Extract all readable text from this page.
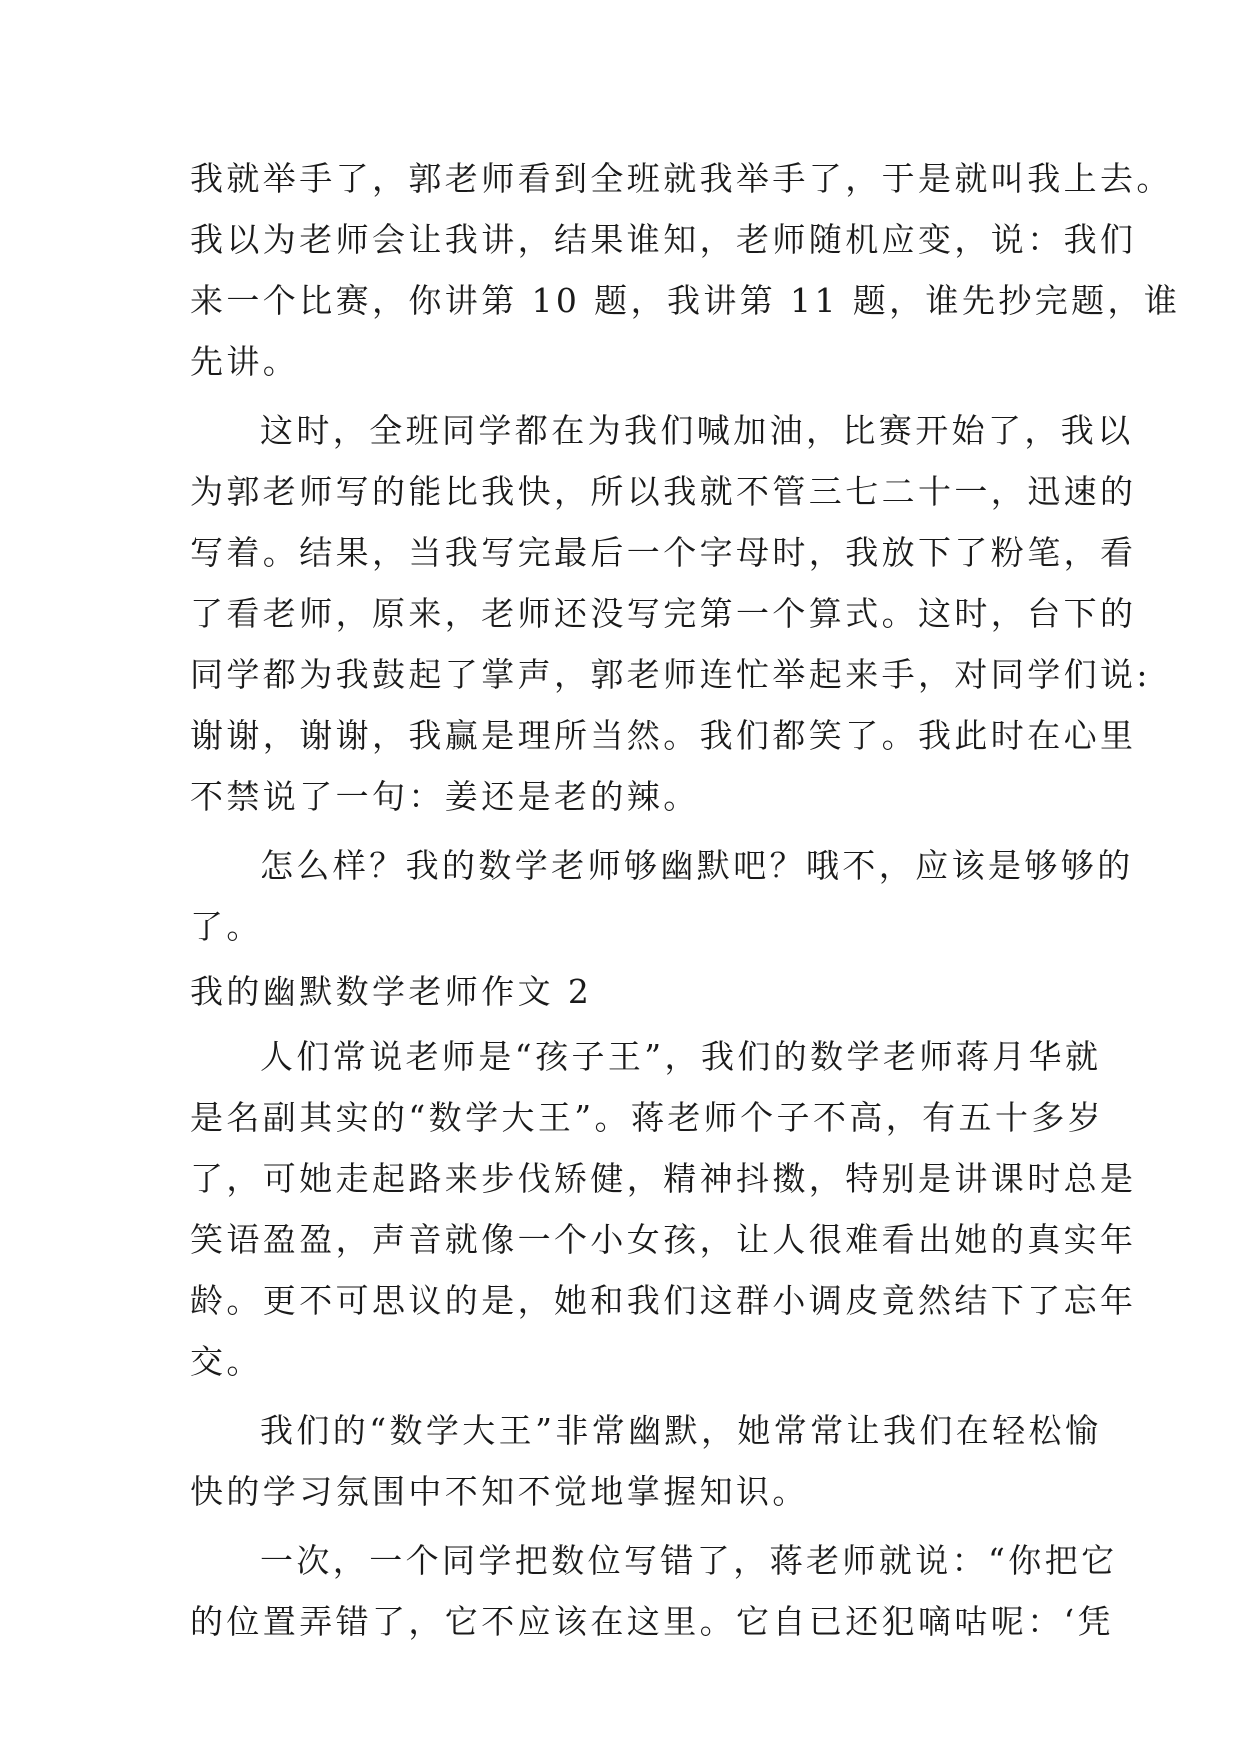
我就举手了，郭老师看到全班就我举手了，于是就叫我上去。
我以为老师会让我讲，结果谁知，老师随机应变，说：我们
来一个比赛，你讲第 10 题，我讲第 11 题，谁先抄完题，谁
先讲。
这时，全班同学都在为我们喊加油，比赛开始了，我以
为郭老师写的能比我快，所以我就不管三七二十一，迅速的
写着。结果，当我写完最后一个字母时，我放下了粉笔，看
了看老师，原来，老师还没写完第一个算式。这时，台下的
同学都为我鼓起了掌声，郭老师连忙举起来手，对同学们说:
谢谢，谢谢，我赢是理所当然。我们都笑了。我此时在心里
不禁说了一句：姜还是老的辣。
怎么样？我的数学老师够幽默吧？哦不，应该是够够的
了。
我的幽默数学老师作文 2
人们常说老师是“孩子王”，我们的数学老师蒋月华就
是名副其实的“数学大王”。蒋老师个子不高，有五十多岁
了，可她走起路来步伐矫健，精神抖擞，特别是讲课时总是
笑语盈盈，声音就像一个小女孩，让人很难看出她的真实年
龄。更不可思议的是，她和我们这群小调皮竟然结下了忘年
交。
我们的“数学大王”非常幽默，她常常让我们在轻松愉
快的学习氛围中不知不觉地掌握知识。
一次，一个同学把数位写错了，蒋老师就说：“你把它
的位置弄错了，它不应该在这里。它自已还犯嘀咕呢：‘凭
